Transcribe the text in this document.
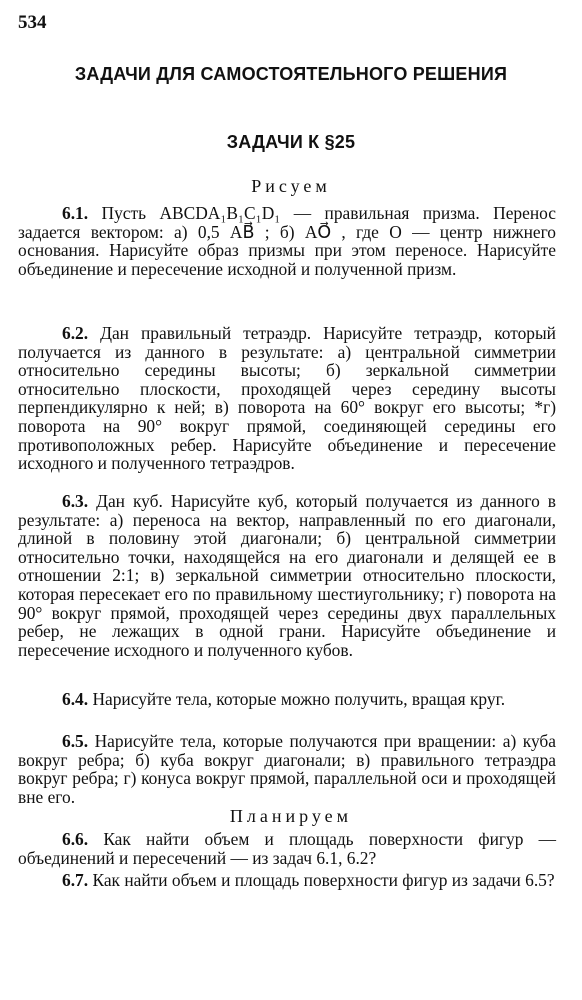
534
ЗАДАЧИ ДЛЯ САМОСТОЯТЕЛЬНОГО РЕШЕНИЯ
ЗАДАЧИ К §25
Рисуем
6.1. Пусть ABCDA₁B₁C₁D₁ — правильная призма. Перенос задается вектором: а) 0,5 AB⃗ ; б) AO⃗ , где O — центр нижнего основания. Нарисуйте образ призмы при этом переносе. Нарисуйте объединение и пересечение исходной и полученной призм.
6.2. Дан правильный тетраэдр. Нарисуйте тетраэдр, который получается из данного в результате: а) центральной симметрии относительно середины высоты; б) зеркальной симметрии относительно плоскости, проходящей через середину высоты перпендикулярно к ней; в) поворота на 60° вокруг его высоты; *г) поворота на 90° вокруг прямой, соединяющей середины его противоположных ребер. Нарисуйте объединение и пересечение исходного и полученного тетраэдров.
6.3. Дан куб. Нарисуйте куб, который получается из данного в результате: а) переноса на вектор, направленный по его диагонали, длиной в половину этой диагонали; б) центральной симметрии относительно точки, находящейся на его диагонали и делящей ее в отношении 2:1; в) зеркальной симметрии относительно плоскости, которая пересекает его по правильному шестиугольнику; г) поворота на 90° вокруг прямой, проходящей через середины двух параллельных ребер, не лежащих в одной грани. Нарисуйте объединение и пересечение исходного и полученного кубов.
6.4. Нарисуйте тела, которые можно получить, вращая круг.
6.5. Нарисуйте тела, которые получаются при вращении: а) куба вокруг ребра; б) куба вокруг диагонали; в) правильного тетраэдра вокруг ребра; г) конуса вокруг прямой, параллельной оси и проходящей вне его.
Планируем
6.6. Как найти объем и площадь поверхности фигур — объединений и пересечений — из задач 6.1, 6.2?
6.7. Как найти объем и площадь поверхности фигур из задачи 6.5?
